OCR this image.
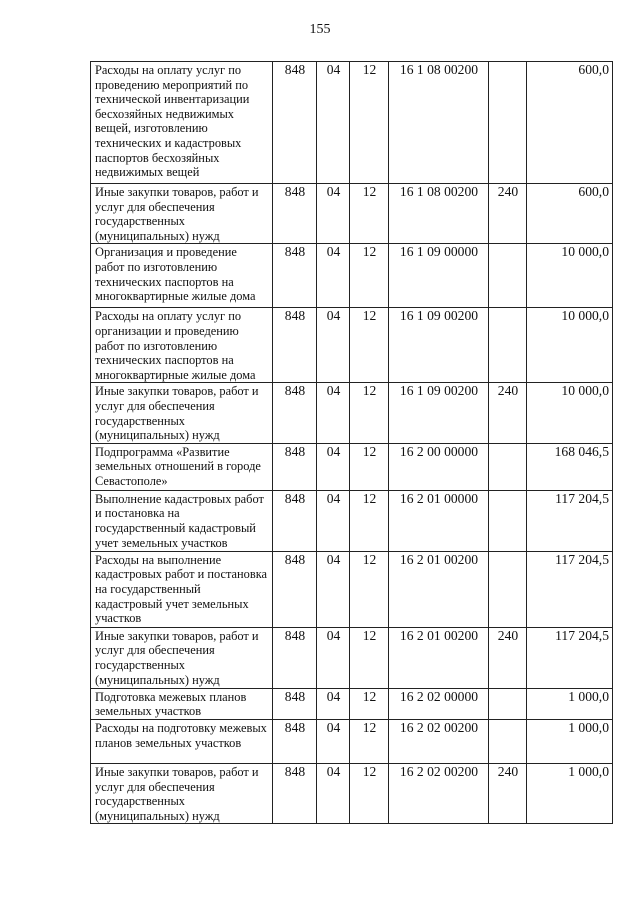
155
Расходы на оплату услуг по проведению мероприятий по технической инвентаризации бесхозяйных недвижимых вещей, изготовлению технических и кадастровых паспортов бесхозяйных недвижимых вещей	848	04	12	16 1 08 00200		600,0
Иные закупки товаров, работ и услуг для обеспечения государственных (муниципальных) нужд	848	04	12	16 1 08 00200	240	600,0
Организация и проведение работ по изготовлению технических паспортов на многоквартирные жилые дома	848	04	12	16 1 09 00000		10 000,0
Расходы на оплату услуг по организации и проведению работ по изготовлению технических паспортов на многоквартирные жилые дома	848	04	12	16 1 09 00200		10 000,0
Иные закупки товаров, работ и услуг для обеспечения государственных (муниципальных) нужд	848	04	12	16 1 09 00200	240	10 000,0
Подпрограмма «Развитие земельных отношений в городе Севастополе»	848	04	12	16 2 00 00000		168 046,5
Выполнение кадастровых работ и постановка на государственный кадастровый учет земельных участков	848	04	12	16 2 01 00000		117 204,5
Расходы на выполнение кадастровых работ и постановка на государственный кадастровый учет земельных участков	848	04	12	16 2 01 00200		117 204,5
Иные закупки товаров, работ и услуг для обеспечения государственных (муниципальных) нужд	848	04	12	16 2 01 00200	240	117 204,5
Подготовка межевых планов земельных участков	848	04	12	16 2 02 00000		1 000,0
Расходы на подготовку межевых планов земельных участков	848	04	12	16 2 02 00200		1 000,0
Иные закупки товаров, работ и услуг для обеспечения государственных (муниципальных) нужд	848	04	12	16 2 02 00200	240	1 000,0
